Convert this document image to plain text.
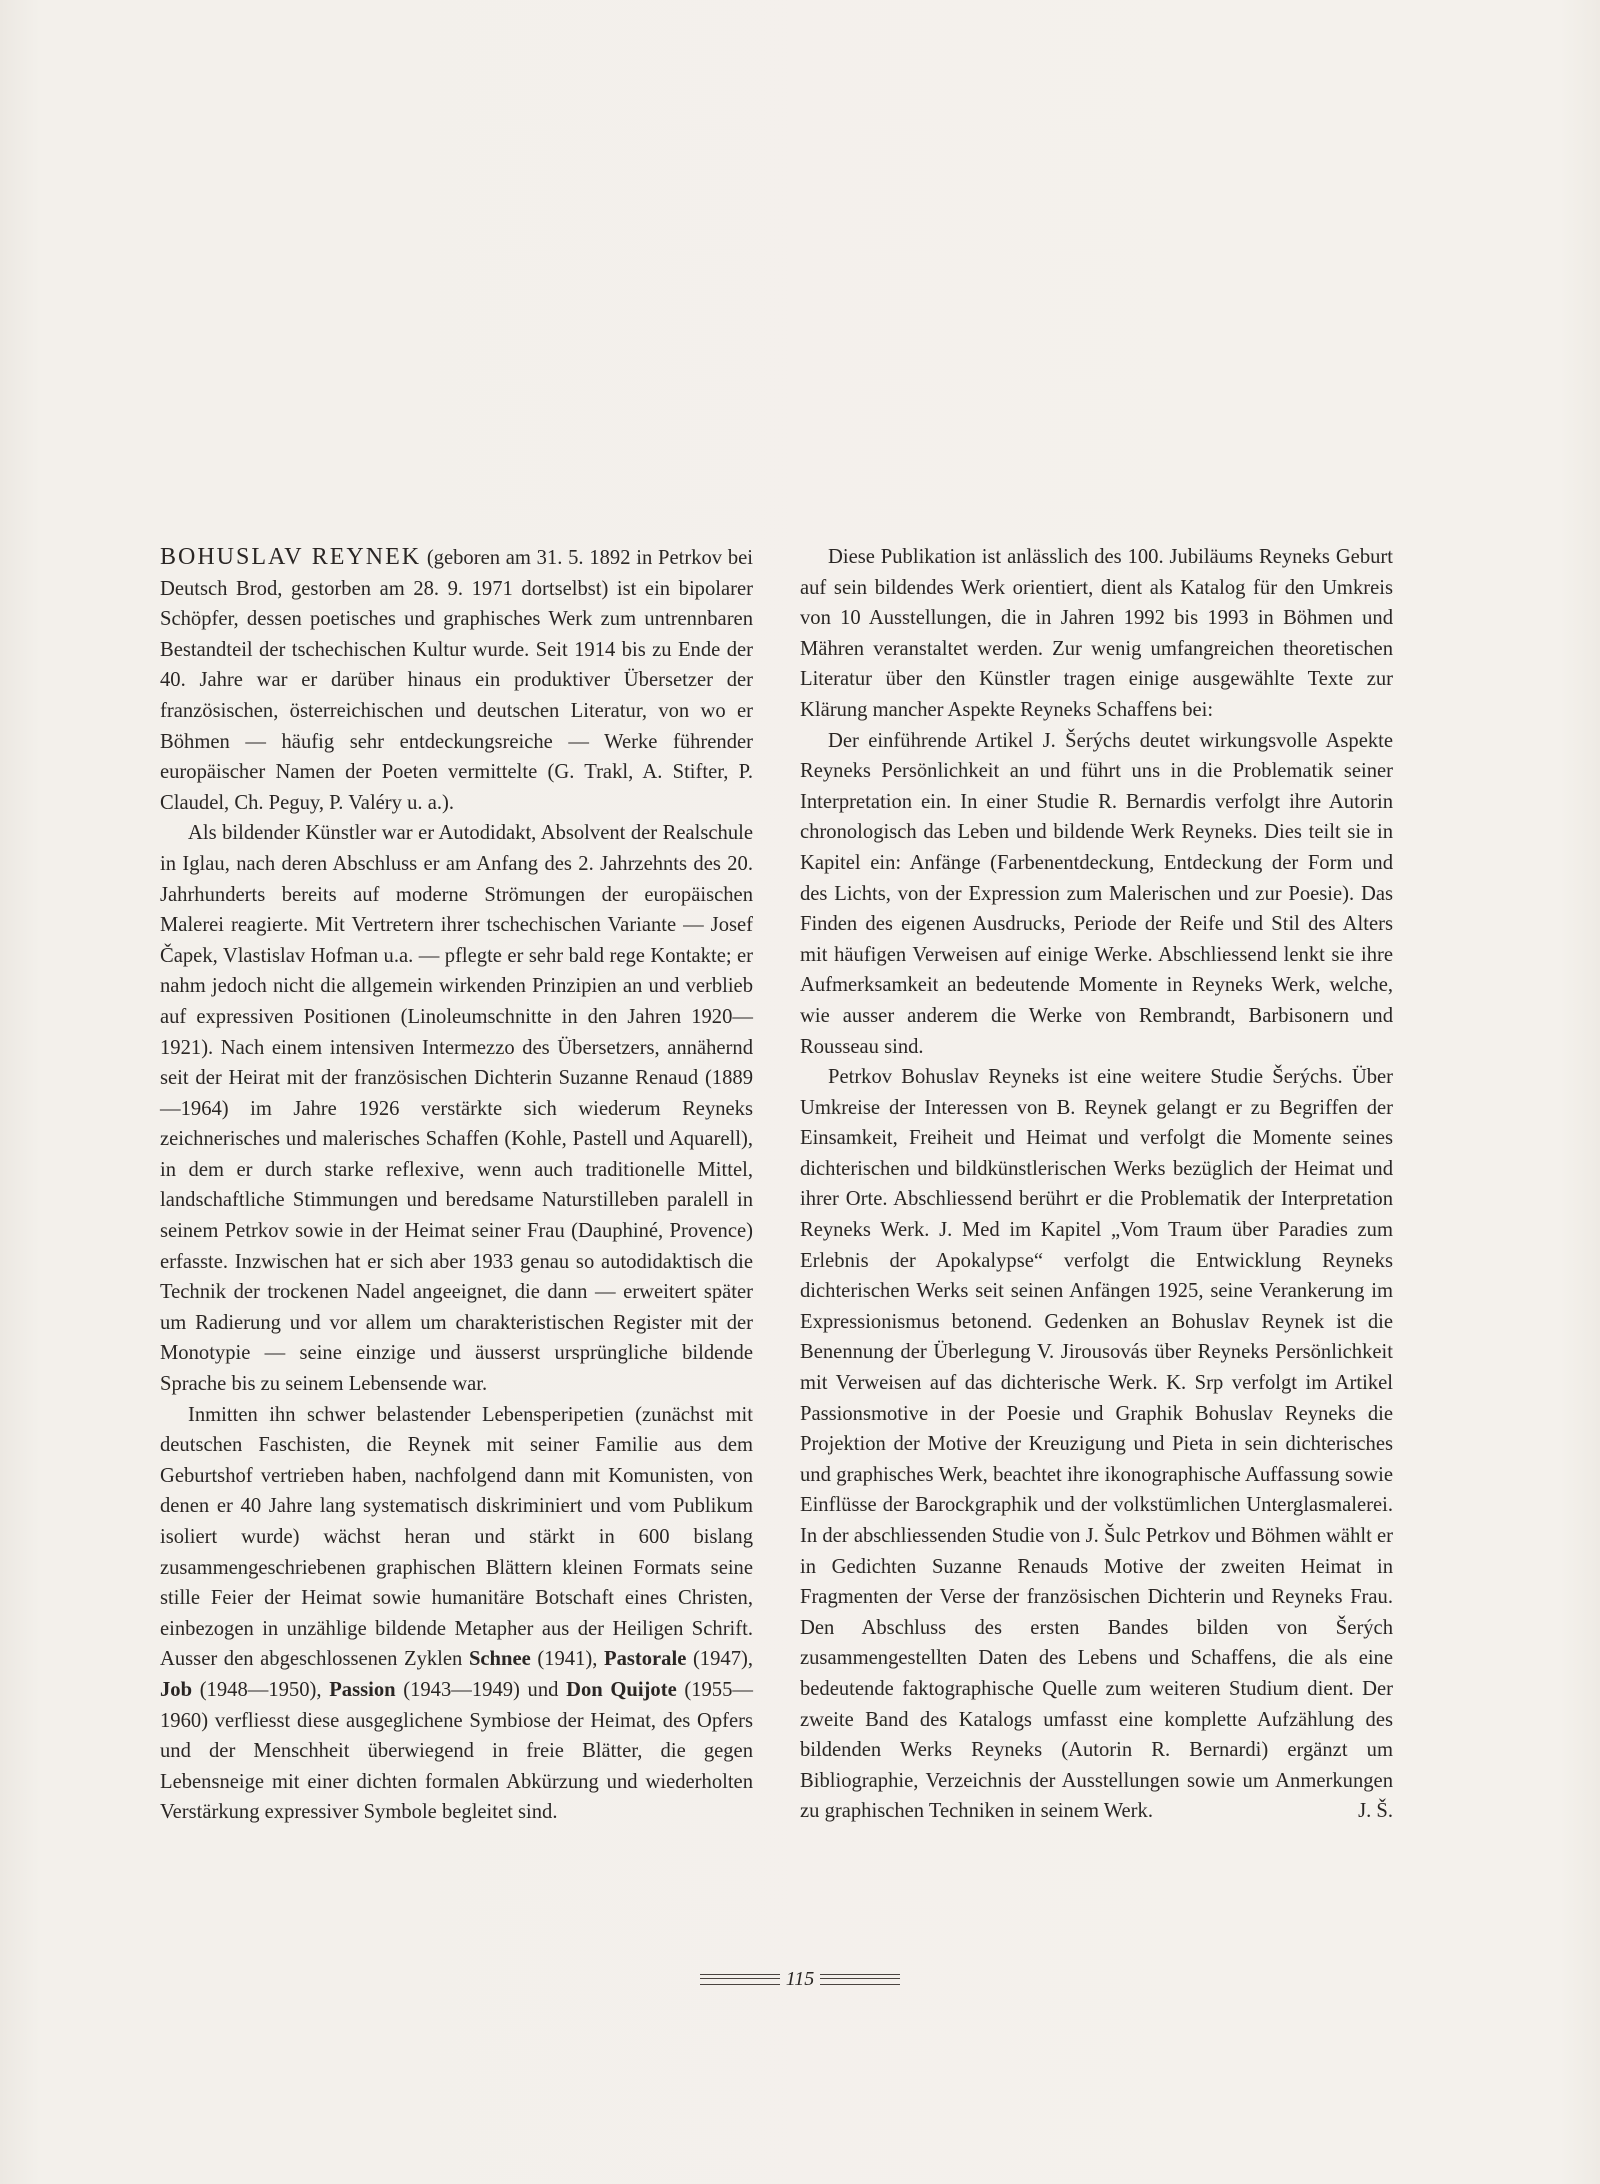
BOHUSLAV REYNEK (geboren am 31. 5. 1892 in Petrkov bei Deutsch Brod, gestorben am 28. 9. 1971 dortselbst) ist ein bipolarer Schöpfer, dessen poetisches und graphisches Werk zum untrennbaren Bestandteil der tschechischen Kultur wurde. Seit 1914 bis zu Ende der 40. Jahre war er darüber hinaus ein produktiver Übersetzer der französischen, österreichischen und deutschen Literatur, von wo er Böhmen — häufig sehr entdeckungsreiche — Werke führender europäischer Namen der Poeten vermittelte (G. Trakl, A. Stifter, P. Claudel, Ch. Peguy, P. Valéry u. a.).

Als bildender Künstler war er Autodidakt, Absolvent der Realschule in Iglau, nach deren Abschluss er am Anfang des 2. Jahrzehnts des 20. Jahrhunderts bereits auf moderne Strömungen der europäischen Malerei reagierte. Mit Vertretern ihrer tschechischen Variante — Josef Čapek, Vlastislav Hofman u.a. — pflegte er sehr bald rege Kontakte; er nahm jedoch nicht die allgemein wirkenden Prinzipien an und verblieb auf expressiven Positionen (Linoleumschnitte in den Jahren 1920—1921). Nach einem intensiven Intermezzo des Übersetzers, annähernd seit der Heirat mit der französischen Dichterin Suzanne Renaud (1889—1964) im Jahre 1926 verstärkte sich wiederum Reyneks zeichnerisches und malerisches Schaffen (Kohle, Pastell und Aquarell), in dem er durch starke reflexive, wenn auch traditionelle Mittel, landschaftliche Stimmungen und beredsame Naturstilleben paralell in seinem Petrkov sowie in der Heimat seiner Frau (Dauphiné, Provence) erfasste. Inzwischen hat er sich aber 1933 genau so autodidaktisch die Technik der trockenen Nadel angeeignet, die dann — erweitert später um Radierung und vor allem um charakteristischen Register mit der Monotypie — seine einzige und äusserst ursprüngliche bildende Sprache bis zu seinem Lebensende war.

Inmitten ihn schwer belastender Lebensperipetien (zunächst mit deutschen Faschisten, die Reynek mit seiner Familie aus dem Geburtshof vertrieben haben, nachfolgend dann mit Komunisten, von denen er 40 Jahre lang systematisch diskriminiert und vom Publikum isoliert wurde) wächst heran und stärkt in 600 bislang zusammengeschriebenen graphischen Blättern kleinen Formats seine stille Feier der Heimat sowie humanitäre Botschaft eines Christen, einbezogen in unzählige bildende Metapher aus der Heiligen Schrift. Ausser den abgeschlossenen Zyklen Schnee (1941), Pastorale (1947), Job (1948—1950), Passion (1943—1949) und Don Quijote (1955—1960) verfliesst diese ausgeglichene Symbiose der Heimat, des Opfers und der Menschheit überwiegend in freie Blätter, die gegen Lebensneige mit einer dichten formalen Abkürzung und wiederholten Verstärkung expressiver Symbole begleitet sind.

Diese Publikation ist anlässlich des 100. Jubiläums Reyneks Geburt auf sein bildendes Werk orientiert, dient als Katalog für den Umkreis von 10 Ausstellungen, die in Jahren 1992 bis 1993 in Böhmen und Mähren veranstaltet werden. Zur wenig umfangreichen theoretischen Literatur über den Künstler tragen einige ausgewählte Texte zur Klärung mancher Aspekte Reyneks Schaffens bei:

Der einführende Artikel J. Šerýchs deutet wirkungsvolle Aspekte Reyneks Persönlichkeit an und führt uns in die Problematik seiner Interpretation ein. In einer Studie R. Bernardis verfolgt ihre Autorin chronologisch das Leben und bildende Werk Reyneks. Dies teilt sie in Kapitel ein: Anfänge (Farbenentdeckung, Entdeckung der Form und des Lichts, von der Expression zum Malerischen und zur Poesie). Das Finden des eigenen Ausdrucks, Periode der Reife und Stil des Alters mit häufigen Verweisen auf einige Werke. Abschliessend lenkt sie ihre Aufmerksamkeit an bedeutende Momente in Reyneks Werk, welche, wie ausser anderem die Werke von Rembrandt, Barbisonern und Rousseau sind.

Petrkov Bohuslav Reyneks ist eine weitere Studie Šerýchs. Über Umkreise der Interessen von B. Reynek gelangt er zu Begriffen der Einsamkeit, Freiheit und Heimat und verfolgt die Momente seines dichterischen und bildkünstlerischen Werks bezüglich der Heimat und ihrer Orte. Abschliessend berührt er die Problematik der Interpretation Reyneks Werk. J. Med im Kapitel „Vom Traum über Paradies zum Erlebnis der Apokalypse“ verfolgt die Entwicklung Reyneks dichterischen Werks seit seinen Anfängen 1925, seine Verankerung im Expressionismus betonend. Gedenken an Bohuslav Reynek ist die Benennung der Überlegung V. Jirousovás über Reyneks Persönlichkeit mit Verweisen auf das dichterische Werk. K. Srp verfolgt im Artikel Passionsmotive in der Poesie und Graphik Bohuslav Reyneks die Projektion der Motive der Kreuzigung und Pieta in sein dichterisches und graphisches Werk, beachtet ihre ikonographische Auffassung sowie Einflüsse der Barockgraphik und der volkstümlichen Unterglasmalerei. In der abschliessenden Studie von J. Šulc Petrkov und Böhmen wählt er in Gedichten Suzanne Renauds Motive der zweiten Heimat in Fragmenten der Verse der französischen Dichterin und Reyneks Frau. Den Abschluss des ersten Bandes bilden von Šerých zusammengestellten Daten des Lebens und Schaffens, die als eine bedeutende faktographische Quelle zum weiteren Studium dient. Der zweite Band des Katalogs umfasst eine komplette Aufzählung des bildenden Werks Reyneks (Autorin R. Bernardi) ergänzt um Bibliographie, Verzeichnis der Ausstellungen sowie um Anmerkungen zu graphischen Techniken in seinem Werk.	J. Š.

115
